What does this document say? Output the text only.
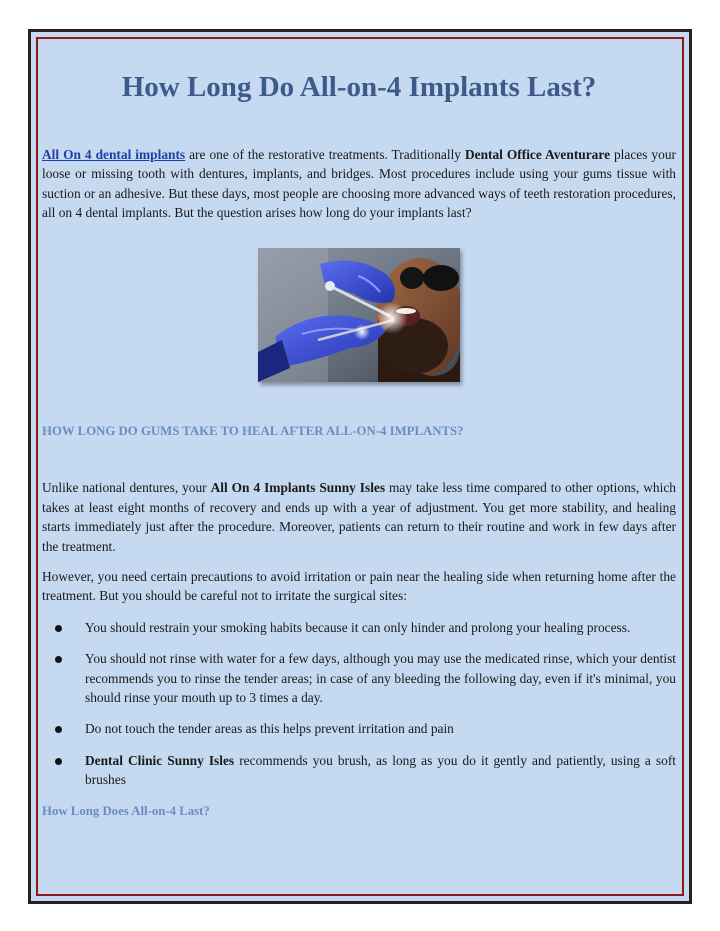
How Long Do All-on-4 Implants Last?

All On 4 dental implants are one of the restorative treatments. Traditionally Dental Office Aventurare places your loose or missing tooth with dentures, implants, and bridges. Most procedures include using your gums tissue with suction or an adhesive. But these days, most people are choosing more advanced ways of teeth restoration procedures, all on 4 dental implants. But the question arises how long do your implants last?

HOW LONG DO GUMS TAKE TO HEAL AFTER ALL-ON-4 IMPLANTS?

Unlike national dentures, your All On 4 Implants Sunny Isles may take less time compared to other options, which takes at least eight months of recovery and ends up with a year of adjustment. You get more stability, and healing starts immediately just after the procedure. Moreover, patients can return to their routine and work in few days after the treatment.

However, you need certain precautions to avoid irritation or pain near the healing side when returning home after the treatment. But you should be careful not to irritate the surgical sites:

You should restrain your smoking habits because it can only hinder and prolong your healing process.
You should not rinse with water for a few days, although you may use the medicated rinse, which your dentist recommends you to rinse the tender areas; in case of any bleeding the following day, even if it's minimal, you should rinse your mouth up to 3 times a day.
Do not touch the tender areas as this helps prevent irritation and pain
Dental Clinic Sunny Isles recommends you brush, as long as you do it gently and patiently, using a soft brushes
How Long Does All-on-4 Last?
